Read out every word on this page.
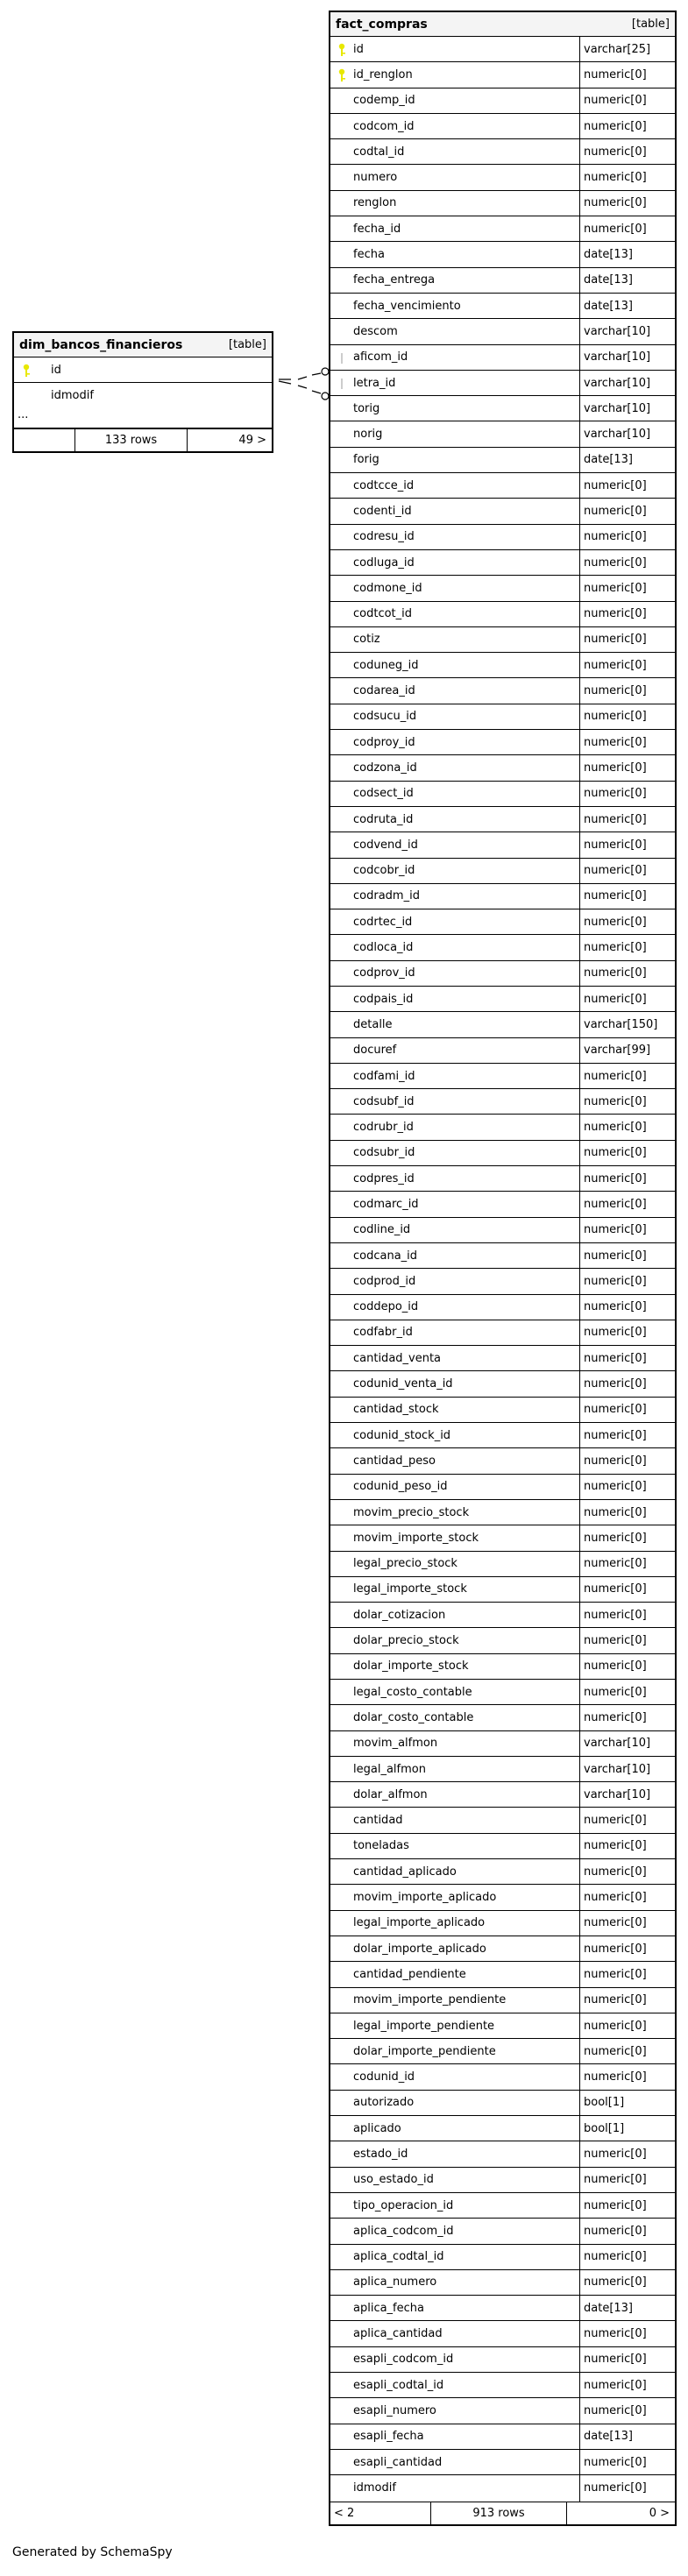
dim_bancos_financieros	[table]
id
idmodif
...
133 rows	49 >
fact_compras	[table]
id	varchar[25]
id_renglon	numeric[0]
codemp_id	numeric[0]
codcom_id	numeric[0]
codtal_id	numeric[0]
numero	numeric[0]
renglon	numeric[0]
fecha_id	numeric[0]
fecha	date[13]
fecha_entrega	date[13]
fecha_vencimiento	date[13]
descom	varchar[10]
aficom_id	varchar[10]
letra_id	varchar[10]
torig	varchar[10]
norig	varchar[10]
forig	date[13]
codtcce_id	numeric[0]
codenti_id	numeric[0]
codresu_id	numeric[0]
codluga_id	numeric[0]
codmone_id	numeric[0]
codtcot_id	numeric[0]
cotiz	numeric[0]
coduneg_id	numeric[0]
codarea_id	numeric[0]
codsucu_id	numeric[0]
codproy_id	numeric[0]
codzona_id	numeric[0]
codsect_id	numeric[0]
codruta_id	numeric[0]
codvend_id	numeric[0]
codcobr_id	numeric[0]
codradm_id	numeric[0]
codrtec_id	numeric[0]
codloca_id	numeric[0]
codprov_id	numeric[0]
codpais_id	numeric[0]
detalle	varchar[150]
docuref	varchar[99]
codfami_id	numeric[0]
codsubf_id	numeric[0]
codrubr_id	numeric[0]
codsubr_id	numeric[0]
codpres_id	numeric[0]
codmarc_id	numeric[0]
codline_id	numeric[0]
codcana_id	numeric[0]
codprod_id	numeric[0]
coddepo_id	numeric[0]
codfabr_id	numeric[0]
cantidad_venta	numeric[0]
codunid_venta_id	numeric[0]
cantidad_stock	numeric[0]
codunid_stock_id	numeric[0]
cantidad_peso	numeric[0]
codunid_peso_id	numeric[0]
movim_precio_stock	numeric[0]
movim_importe_stock	numeric[0]
legal_precio_stock	numeric[0]
legal_importe_stock	numeric[0]
dolar_cotizacion	numeric[0]
dolar_precio_stock	numeric[0]
dolar_importe_stock	numeric[0]
legal_costo_contable	numeric[0]
dolar_costo_contable	numeric[0]
movim_alfmon	varchar[10]
legal_alfmon	varchar[10]
dolar_alfmon	varchar[10]
cantidad	numeric[0]
toneladas	numeric[0]
cantidad_aplicado	numeric[0]
movim_importe_aplicado	numeric[0]
legal_importe_aplicado	numeric[0]
dolar_importe_aplicado	numeric[0]
cantidad_pendiente	numeric[0]
movim_importe_pendiente	numeric[0]
legal_importe_pendiente	numeric[0]
dolar_importe_pendiente	numeric[0]
codunid_id	numeric[0]
autorizado	bool[1]
aplicado	bool[1]
estado_id	numeric[0]
uso_estado_id	numeric[0]
tipo_operacion_id	numeric[0]
aplica_codcom_id	numeric[0]
aplica_codtal_id	numeric[0]
aplica_numero	numeric[0]
aplica_fecha	date[13]
aplica_cantidad	numeric[0]
esapli_codcom_id	numeric[0]
esapli_codtal_id	numeric[0]
esapli_numero	numeric[0]
esapli_fecha	date[13]
esapli_cantidad	numeric[0]
idmodif	numeric[0]
< 2	913 rows	0 >
Generated by SchemaSpy
